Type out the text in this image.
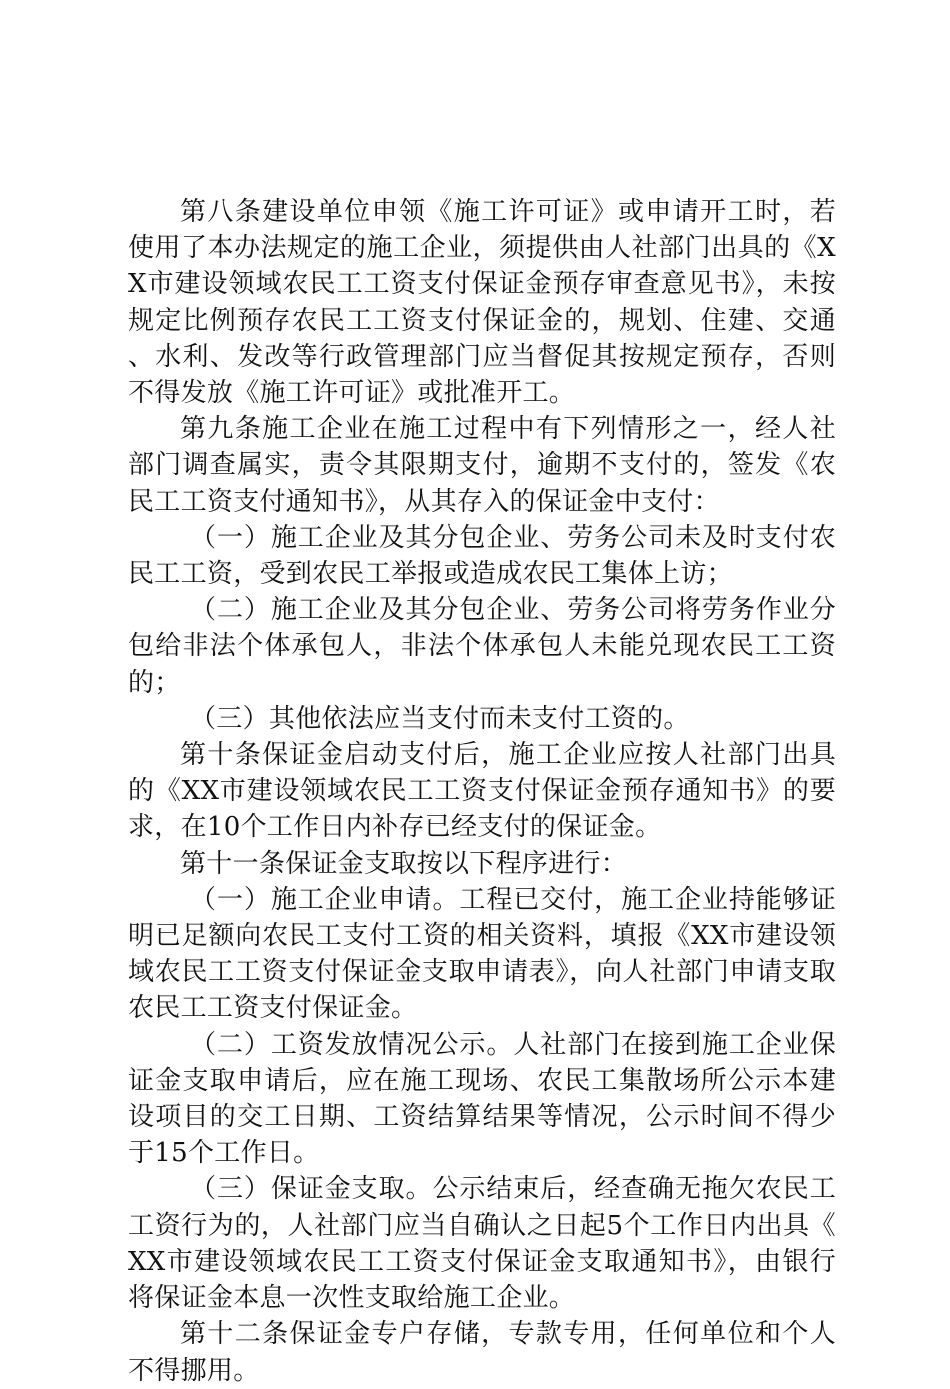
第八条建设单位申领《施工许可证》或申请开工时，若使用了本办法规定的施工企业，须提供由人社部门出具的《XX市建设领域农民工工资支付保证金预存审查意见书》，未按规定比例预存农民工工资支付保证金的，规划、住建、交通、水利、发改等行政管理部门应当督促其按规定预存，否则不得发放《施工许可证》或批准开工。

第九条施工企业在施工过程中有下列情形之一，经人社部门调查属实，责令其限期支付，逾期不支付的，签发《农民工工资支付通知书》，从其存入的保证金中支付：

（一）施工企业及其分包企业、劳务公司未及时支付农民工工资，受到农民工举报或造成农民工集体上访；

（二）施工企业及其分包企业、劳务公司将劳务作业分包给非法个体承包人，非法个体承包人未能兑现农民工工资的；

（三）其他依法应当支付而未支付工资的。

第十条保证金启动支付后，施工企业应按人社部门出具的《XX市建设领域农民工工资支付保证金预存通知书》的要求，在10个工作日内补存已经支付的保证金。

第十一条保证金支取按以下程序进行：

（一）施工企业申请。工程已交付，施工企业持能够证明已足额向农民工支付工资的相关资料，填报《XX市建设领域农民工工资支付保证金支取申请表》，向人社部门申请支取农民工工资支付保证金。

（二）工资发放情况公示。人社部门在接到施工企业保证金支取申请后，应在施工现场、农民工集散场所公示本建设项目的交工日期、工资结算结果等情况，公示时间不得少于15个工作日。

（三）保证金支取。公示结束后，经查确无拖欠农民工工资行为的，人社部门应当自确认之日起5个工作日内出具《XX市建设领域农民工工资支付保证金支取通知书》，由银行将保证金本息一次性支取给施工企业。

第十二条保证金专户存储，专款专用，任何单位和个人不得挪用。
